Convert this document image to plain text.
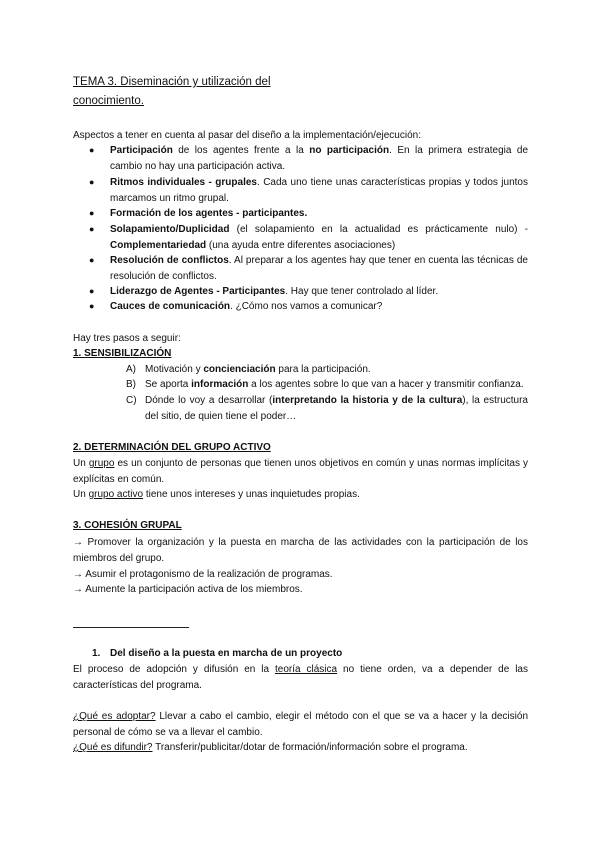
TEMA 3. Diseminación y utilización del
conocimiento.
Aspectos a tener en cuenta al pasar del diseño a la implementación/ejecución:
● Participación de los agentes frente a la no participación. En la primera estrategia de cambio no hay una participación activa.
● Ritmos individuales - grupales. Cada uno tiene unas características propias y todos juntos marcamos un ritmo grupal.
● Formación de los agentes - participantes.
● Solapamiento/Duplicidad (el solapamiento en la actualidad es prácticamente nulo) - Complementariedad (una ayuda entre diferentes asociaciones)
● Resolución de conflictos. Al preparar a los agentes hay que tener en cuenta las técnicas de resolución de conflictos.
● Liderazgo de Agentes - Participantes. Hay que tener controlado al líder.
● Cauces de comunicación. ¿Cómo nos vamos a comunicar?
Hay tres pasos a seguir:
1. SENSIBILIZACIÓN
A) Motivación y concienciación para la participación.
B) Se aporta información a los agentes sobre lo que van a hacer y transmitir confianza.
C) Dónde lo voy a desarrollar (interpretando la historia y de la cultura), la estructura del sitio, de quien tiene el poder…
2. DETERMINACIÓN DEL GRUPO ACTIVO
Un grupo es un conjunto de personas que tienen unos objetivos en común y unas normas implícitas y explícitas en común.
Un grupo activo tiene unos intereses y unas inquietudes propias.
3. COHESIÓN GRUPAL
→ Promover la organización y la puesta en marcha de las actividades con la participación de los miembros del grupo.
→ Asumir el protagonismo de la realización de programas.
→ Aumente la participación activa de los miembros.
1. Del diseño a la puesta en marcha de un proyecto
El proceso de adopción y difusión en la teoría clásica no tiene orden, va a depender de las características del programa.
¿Qué es adoptar? Llevar a cabo el cambio, elegir el método con el que se va a hacer y la decisión personal de cómo se va a llevar el cambio.
¿Qué es difundir? Transferir/publicitar/dotar de formación/información sobre el programa.
